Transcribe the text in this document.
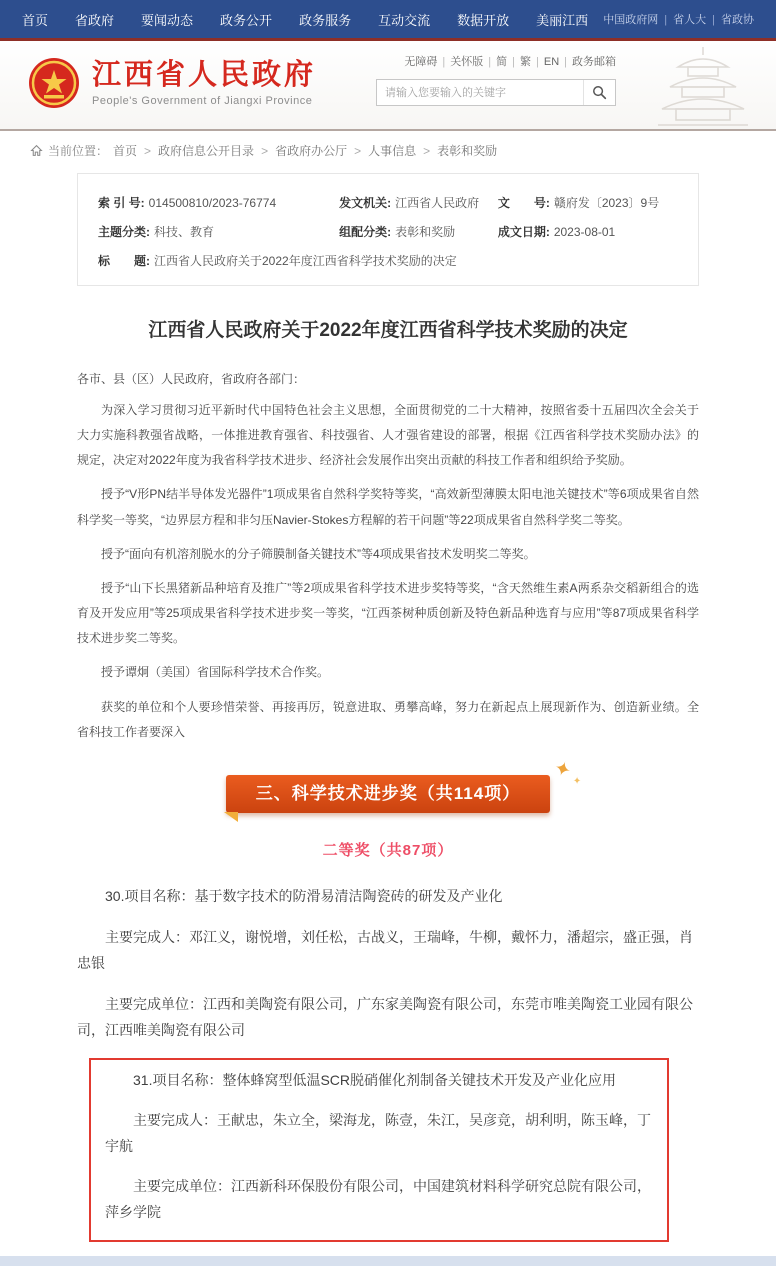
首页 省政府 要闻动态 政务公开 政务服务 互动交流 数据开放 美丽江西 中国政府网 |	省人大 |	省政协
江西省人民政府
People's Government of Jiangxi Province
无障碍 | 关怀版 | 简 | 繁 | EN | 政务邮箱
请输入您要输入的关键字
当前位置： 首页 > 政府信息公开目录 > 省政府办公厅 > 人事信息 > 表彰和奖励
索 引 号: 014500810/2023-76774	发文机关: 江西省人民政府 文　　号: 赣府发〔2023〕9号
主题分类: 科技、教育	组配分类: 表彰和奖励	成文日期: 2023-08-01
标　　题: 江西省人民政府关于2022年度江西省科学技术奖励的决定
江西省人民政府关于2022年度江西省科学技术奖励的决定

各市、县（区）人民政府，省政府各部门：

为深入学习贯彻习近平新时代中国特色社会主义思想，全面贯彻党的二十大精神，按照省委十五届四次全会关于大力实施科教强省战略，一体推进教育强省、科技强省、人才强省建设的部署，根据《江西省科学技术奖励办法》的规定，决定对2022年度为我省科学技术进步、经济社会发展作出突出贡献的科技工作者和组织给予奖励。

授予“V形PN结半导体发光器件”1项成果省自然科学奖特等奖，“高效新型薄膜太阳电池关键技术”等6项成果省自然科学奖一等奖，“边界层方程和非匀压Navier-Stokes方程解的若干问题”等22项成果省自然科学奖二等奖。

授予“面向有机溶剂脱水的分子筛膜制备关键技术”等4项成果省技术发明奖二等奖。

授予“山下长黑猪新品种培育及推广”等2项成果省科学技术进步奖特等奖，“含天然维生素A两系杂交稻新组合的选育及开发应用”等25项成果省科学技术进步奖一等奖，“江西茶树种质创新及特色新品种选育与应用”等87项成果省科学技术进步奖二等奖。

授予谭炯（美国）省国际科学技术合作奖。

获奖的单位和个人要珍惜荣誉、再接再厉，锐意进取、勇攀高峰，努力在新起点上展现新作为、创造新业绩。全省科技工作者要深入

三、科学技术进步奖（共114项）
✦
✦
二等奖（共87项）

30.项目名称：基于数字技术的防滑易清洁陶瓷砖的研发及产业化

主要完成人：邓江义，谢悦增，刘任松，古战义，王瑞峰，牛柳，戴怀力，潘超宗，盛正强，肖忠银

主要完成单位：江西和美陶瓷有限公司，广东家美陶瓷有限公司，东莞市唯美陶瓷工业园有限公司，江西唯美陶瓷有限公司

31.项目名称：整体蜂窝型低温SCR脱硝催化剂制备关键技术开发及产业化应用

主要完成人：王献忠，朱立全，梁海龙，陈壹，朱江，吴彦竞，胡利明，陈玉峰，丁宇航

主要完成单位：江西新科环保股份有限公司，中国建筑材料科学研究总院有限公司，萍乡学院
